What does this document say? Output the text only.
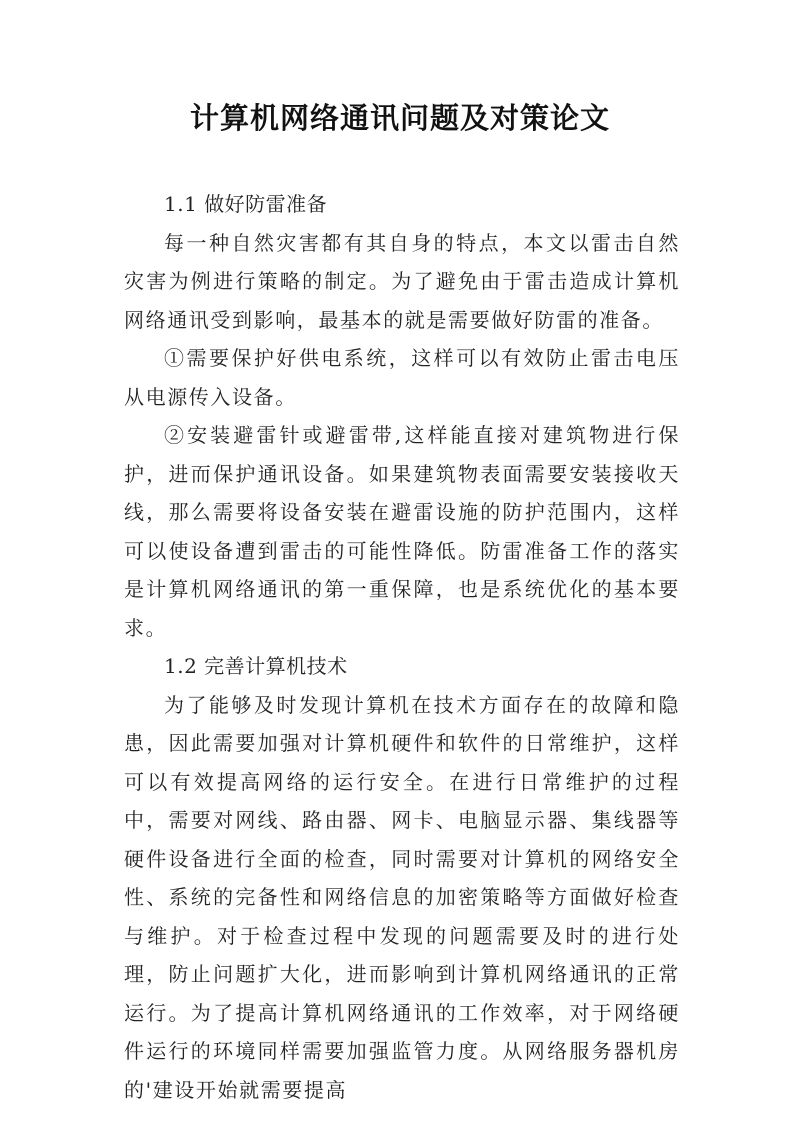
计算机网络通讯问题及对策论文

1.1 做好防雷准备

每一种自然灾害都有其自身的特点，本文以雷击自然灾害为例进行策略的制定。为了避免由于雷击造成计算机网络通讯受到影响，最基本的就是需要做好防雷的准备。

①需要保护好供电系统，这样可以有效防止雷击电压从电源传入设备。

②安装避雷针或避雷带,这样能直接对建筑物进行保护，进而保护通讯设备。如果建筑物表面需要安装接收天线，那么需要将设备安装在避雷设施的防护范围内，这样可以使设备遭到雷击的可能性降低。防雷准备工作的落实是计算机网络通讯的第一重保障，也是系统优化的基本要求。

1.2 完善计算机技术

为了能够及时发现计算机在技术方面存在的故障和隐患，因此需要加强对计算机硬件和软件的日常维护，这样可以有效提高网络的运行安全。在进行日常维护的过程中，需要对网线、路由器、网卡、电脑显示器、集线器等硬件设备进行全面的检查，同时需要对计算机的网络安全性、系统的完备性和网络信息的加密策略等方面做好检查与维护。对于检查过程中发现的问题需要及时的进行处理，防止问题扩大化，进而影响到计算机网络通讯的正常运行。为了提高计算机网络通讯的工作效率，对于网络硬件运行的环境同样需要加强监管力度。从网络服务器机房的'建设开始就需要提高
